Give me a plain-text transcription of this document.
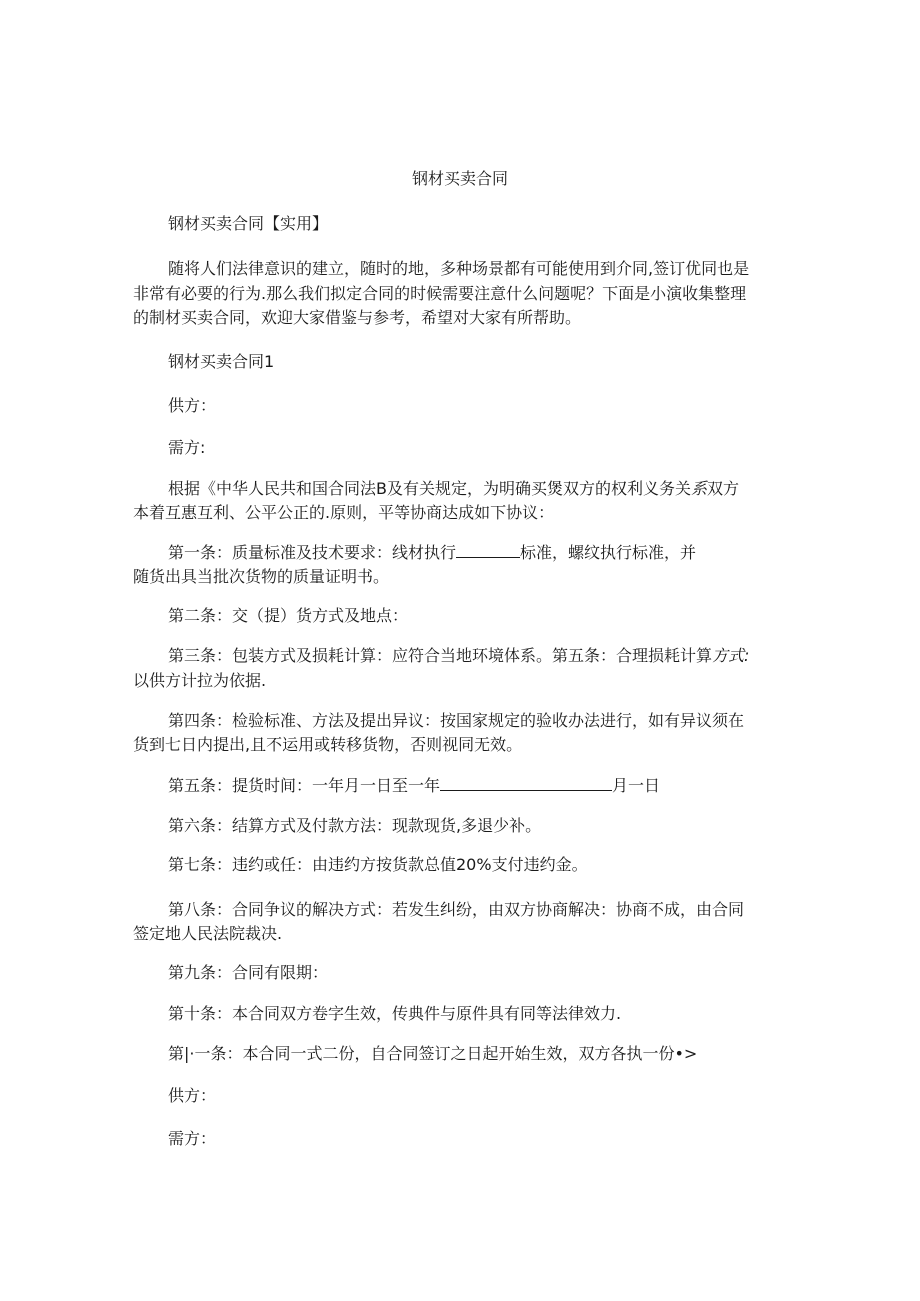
钢材买卖合同
钢材买卖合同【实用】
随将人们法律意识的建立，随时的地，多种场景都有可能使用到介同,签订优同也是
非常有必要的行为.那么我们拟定合同的时候需要注意什么问题呢？下面是小演收集整理
的制材买卖合同，欢迎大家借鉴与参考，希望对大家有所帮助。
钢材买卖合同1
供方：
需方:
根据《中华人民共和国合同法B及有关规定，为明确买煲双方的权利义务关系双方
本着互惠互利、公平公正的.原则，平等协商达成如下协议：
第一条：质量标准及技术要求：线材执行	标准，螺纹执行标准，并
随货出具当批次货物的质量证明书。
第二条：交（提）货方式及地点：
第三条：包装方式及损耗计算：应符合当地环境体系。第五条：合理损耗计算方式:
以供方计拉为依据.
第四条：检验标准、方法及提出异议：按国家规定的验收办法进行，如有异议须在
货到七日内提出,且不运用或转移货物，否则视同无效。
第五条：提货时间：一年月一日至一年	月一日
第六条：结算方式及付款方法：现款现货,多退少补。
第七条：违约或任：由违约方按货款总值20%支付违约金。
第八条：合同争议的解决方式：若发生纠纷，由双方协商解决：协商不成，由合同
签定地人民法院裁决.
第九条：合同有限期：
第十条：本合同双方卷字生效，传典件与原件具有同等法律效力.
第|·一条：本合同一式二份，自合同签订之日起开始生效，双方各执一份•>
供方：
需方：
